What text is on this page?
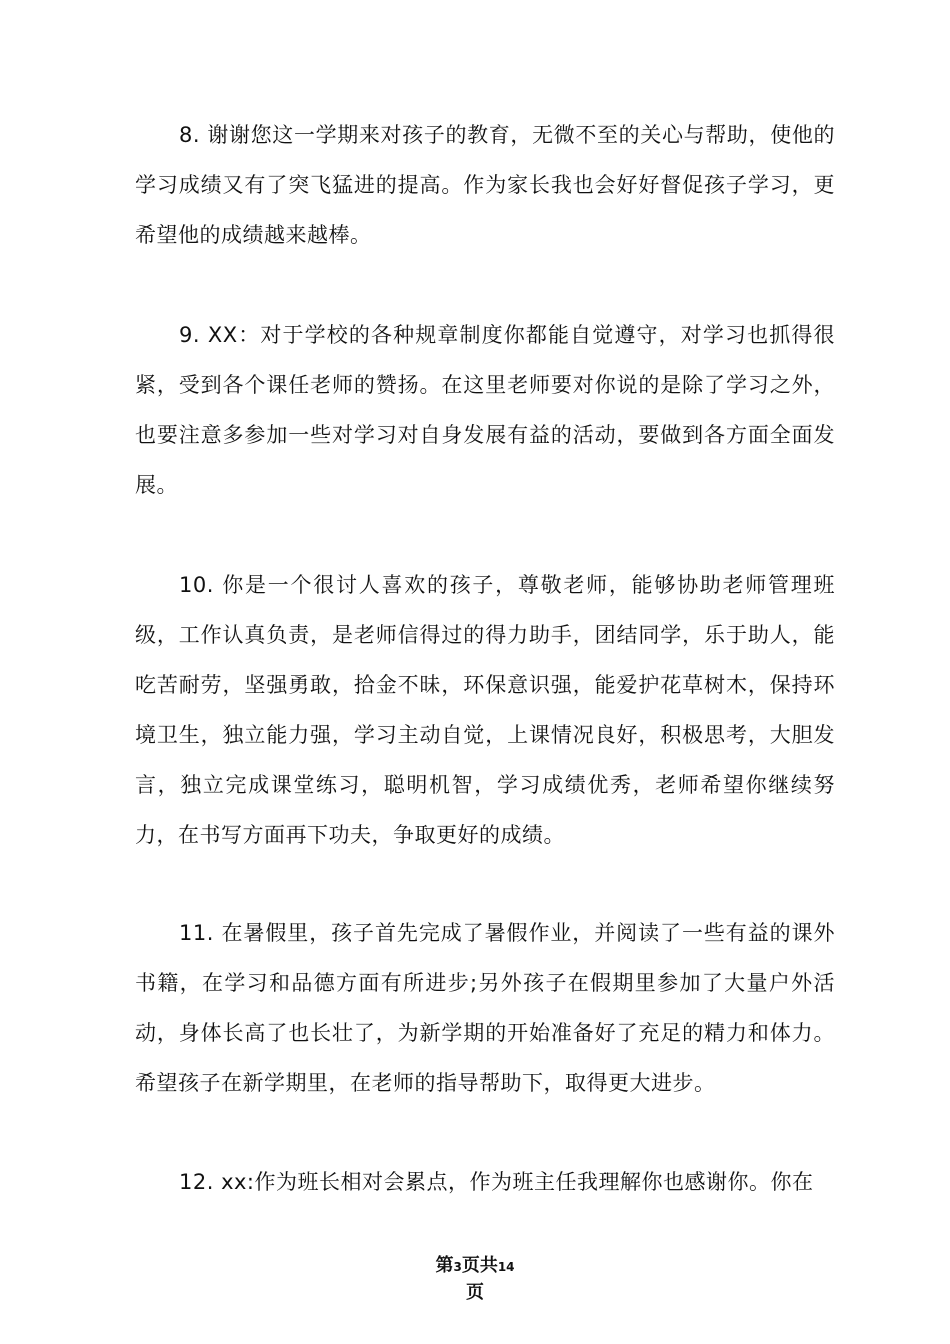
8. 谢谢您这一学期来对孩子的教育，无微不至的关心与帮助，使他的学习成绩又有了突飞猛进的提高。作为家长我也会好好督促孩子学习，更希望他的成绩越来越棒。

9. XX：对于学校的各种规章制度你都能自觉遵守，对学习也抓得很紧，受到各个课任老师的赞扬。在这里老师要对你说的是除了学习之外，也要注意多参加一些对学习对自身发展有益的活动，要做到各方面全面发展。

10. 你是一个很讨人喜欢的孩子，尊敬老师，能够协助老师管理班级，工作认真负责，是老师信得过的得力助手，团结同学，乐于助人，能吃苦耐劳，坚强勇敢，拾金不昧，环保意识强，能爱护花草树木，保持环境卫生，独立能力强，学习主动自觉，上课情况良好，积极思考，大胆发言，独立完成课堂练习，聪明机智，学习成绩优秀，老师希望你继续努力，在书写方面再下功夫，争取更好的成绩。

11. 在暑假里，孩子首先完成了暑假作业，并阅读了一些有益的课外书籍，在学习和品德方面有所进步;另外孩子在假期里参加了大量户外活动，身体长高了也长壮了，为新学期的开始准备好了充足的精力和体力。希望孩子在新学期里，在老师的指导帮助下，取得更大进步。

12. xx:作为班长相对会累点，作为班主任我理解你也感谢你。你在

第3页共14
页
